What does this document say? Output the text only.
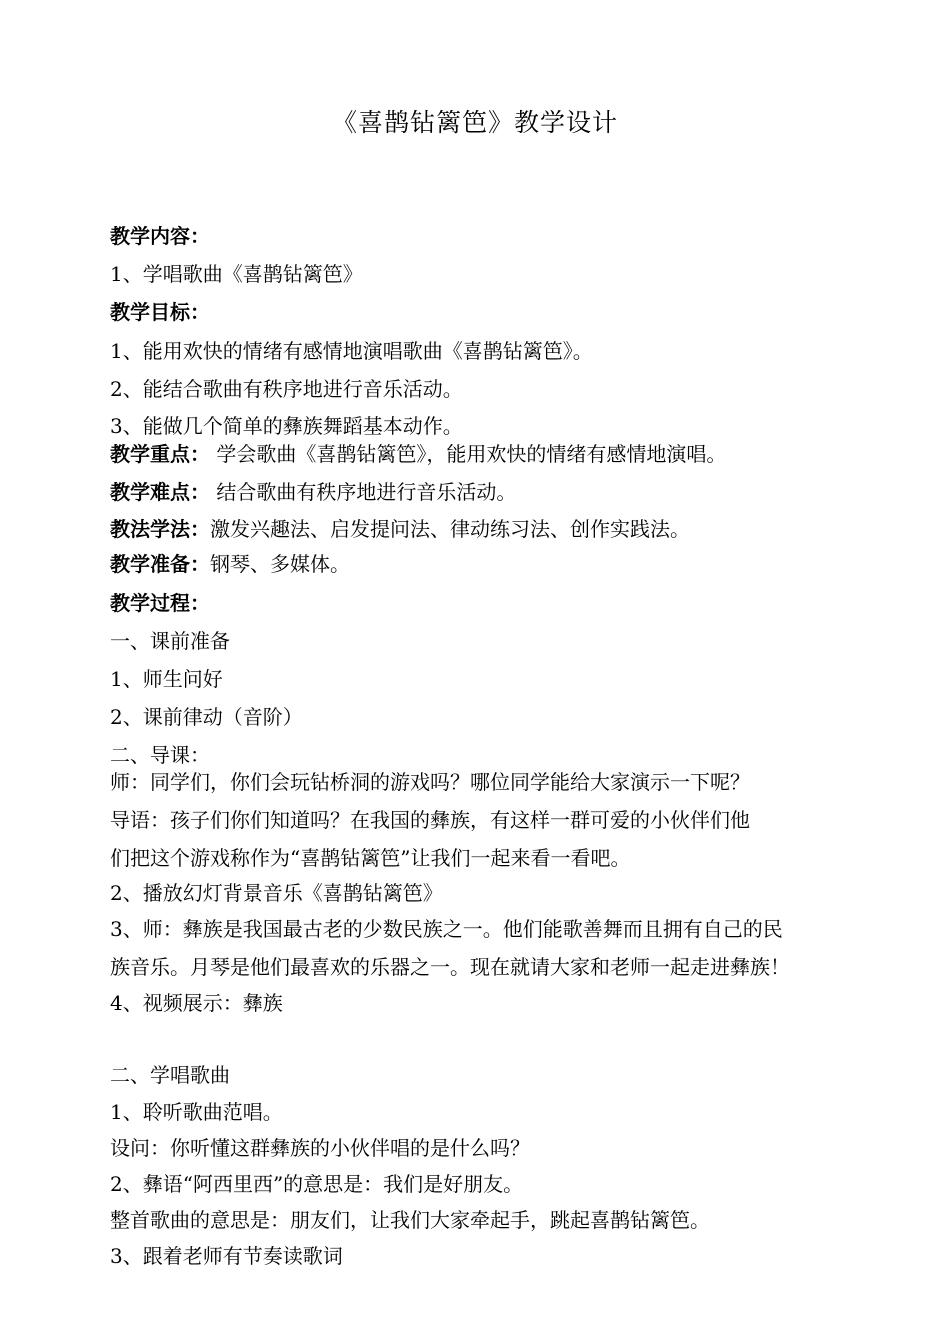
《喜鹊钻篱笆》教学设计
教学内容：
1、学唱歌曲《喜鹊钻篱笆》
教学目标：
1、能用欢快的情绪有感情地演唱歌曲《喜鹊钻篱笆》。
2、能结合歌曲有秩序地进行音乐活动。
3、能做几个简单的彝族舞蹈基本动作。
教学重点： 学会歌曲《喜鹊钻篱笆》，能用欢快的情绪有感情地演唱。
教学难点： 结合歌曲有秩序地进行音乐活动。
教法学法：激发兴趣法、启发提问法、律动练习法、创作实践法。
教学准备：钢琴、多媒体。
教学过程：
一、课前准备
1、师生问好
2、课前律动（音阶）
二、导课：
师：同学们，你们会玩钻桥洞的游戏吗？哪位同学能给大家演示一下呢？
导语：孩子们你们知道吗？在我国的彝族，有这样一群可爱的小伙伴们他
们把这个游戏称作为“喜鹊钻篱笆”让我们一起来看一看吧。
2、播放幻灯背景音乐《喜鹊钻篱笆》
3、师：彝族是我国最古老的少数民族之一。他们能歌善舞而且拥有自己的民
族音乐。月琴是他们最喜欢的乐器之一。现在就请大家和老师一起走进彝族！
4、视频展示：彝族
二、学唱歌曲
1、聆听歌曲范唱。
设问：你听懂这群彝族的小伙伴唱的是什么吗？
2、彝语“阿西里西”的意思是：我们是好朋友。
整首歌曲的意思是：朋友们，让我们大家牵起手，跳起喜鹊钻篱笆。
3、跟着老师有节奏读歌词
